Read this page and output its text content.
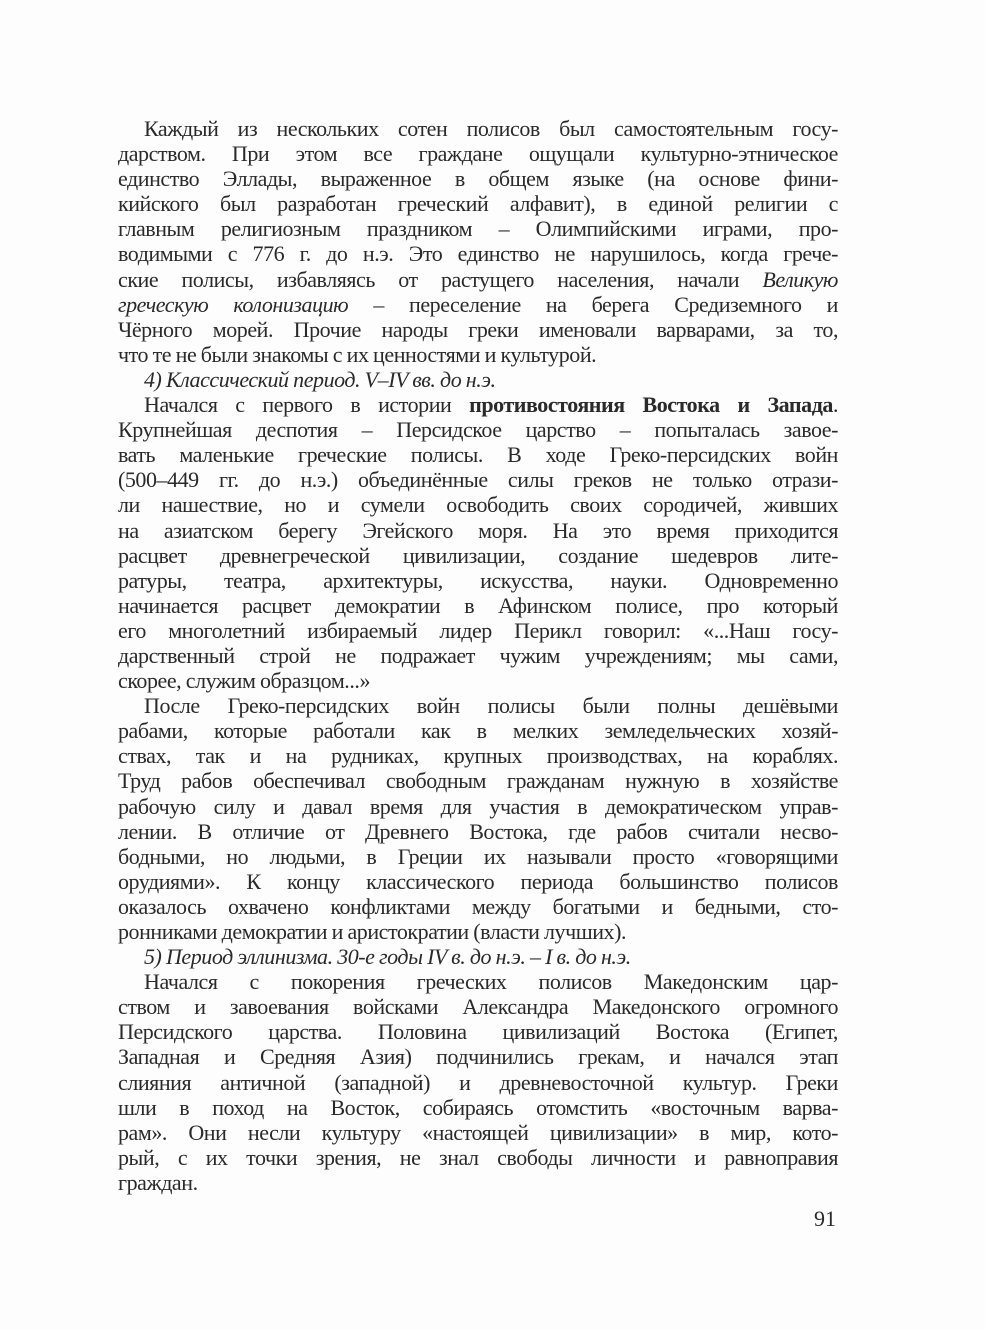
Каждый из нескольких сотен полисов был самостоятельным госу-
дарством. При этом все граждане ощущали культурно-этническое
единство Эллады, выраженное в общем языке (на основе фини-
кийского был разработан греческий алфавит), в единой религии с
главным религиозным праздником – Олимпийскими играми, про-
водимыми с 776 г. до н.э. Это единство не нарушилось, когда грече-
ские полисы, избавляясь от растущего населения, начали Великую
греческую колонизацию – переселение на берега Средиземного и
Чёрного морей. Прочие народы греки именовали варварами, за то,
что те не были знакомы с их ценностями и культурой.
4) Классический период. V–IV вв. до н.э.
Начался с первого в истории противостояния Востока и Запада.
Крупнейшая деспотия – Персидское царство – попыталась завое-
вать маленькие греческие полисы. В ходе Греко-персидских войн
(500–449 гг. до н.э.) объединённые силы греков не только отрази-
ли нашествие, но и сумели освободить своих сородичей, живших
на азиатском берегу Эгейского моря. На это время приходится
расцвет древнегреческой цивилизации, создание шедевров лите-
ратуры, театра, архитектуры, искусства, науки. Одновременно
начинается расцвет демократии в Афинском полисе, про который
его многолетний избираемый лидер Перикл говорил: «...Наш госу-
дарственный строй не подражает чужим учреждениям; мы сами,
скорее, служим образцом...»
После Греко-персидских войн полисы были полны дешёвыми
рабами, которые работали как в мелких земледельческих хозяй-
ствах, так и на рудниках, крупных производствах, на кораблях.
Труд рабов обеспечивал свободным гражданам нужную в хозяйстве
рабочую силу и давал время для участия в демократическом управ-
лении. В отличие от Древнего Востока, где рабов считали несво-
бодными, но людьми, в Греции их называли просто «говорящими
орудиями». К концу классического периода большинство полисов
оказалось охвачено конфликтами между богатыми и бедными, сто-
ронниками демократии и аристократии (власти лучших).
5) Период эллинизма. 30-е годы IV в. до н.э. – I в. до н.э.
Начался с покорения греческих полисов Македонским цар-
ством и завоевания войсками Александра Македонского огромного
Персидского царства. Половина цивилизаций Востока (Египет,
Западная и Средняя Азия) подчинились грекам, и начался этап
слияния античной (западной) и древневосточной культур. Греки
шли в поход на Восток, собираясь отомстить «восточным варва-
рам». Они несли культуру «настоящей цивилизации» в мир, кото-
рый, с их точки зрения, не знал свободы личности и равноправия
граждан.
91
